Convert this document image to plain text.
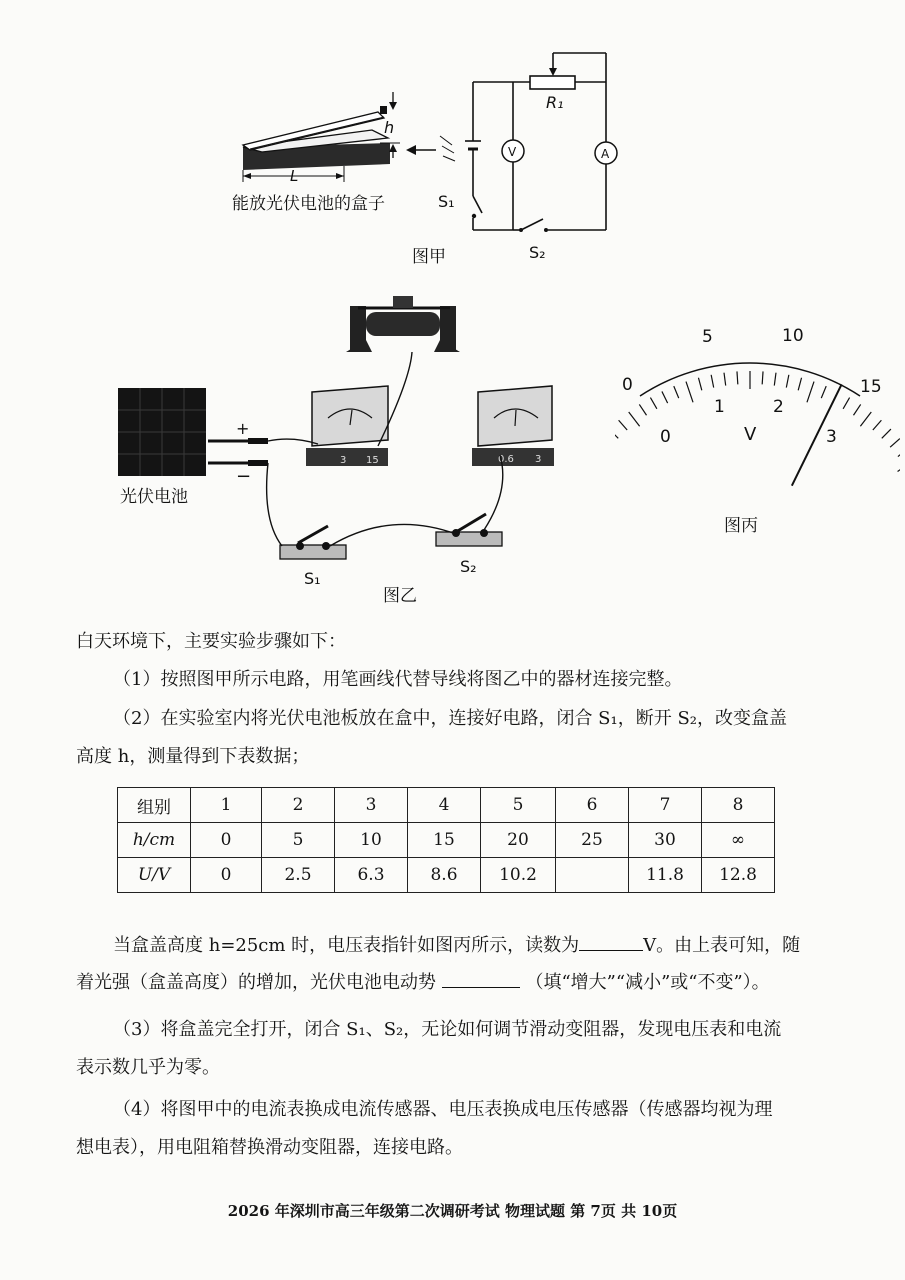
h
L
能放光伏电池的盒子
V	A
R₁
S₁
S₂
图甲
+
−
光伏电池
3 15	0.6 3
S₁
S₂
图乙
0
5	10
15
0
1	2
3
V
图丙
白天环境下，主要实验步骤如下：
（1）按照图甲所示电路，用笔画线代替导线将图乙中的器材连接完整。
（2）在实验室内将光伏电池板放在盒中，连接好电路，闭合 S₁，断开 S₂，改变盒盖
高度 h，测量得到下表数据；
组别	1	2	3	4	5	6	7	8
h/cm	0	5	10	15	20	25	30	∞
U/V	0	2.5	6.3	8.6	10.2		11.8	12.8
当盒盖高度 h=25cm 时，电压表指针如图丙所示，读数为	V。由上表可知，随
着光强（盒盖高度）的增加，光伏电池电动势	（填“增大”“减小”或“不变”）。
（3）将盒盖完全打开，闭合 S₁、S₂，无论如何调节滑动变阻器，发现电压表和电流
表示数几乎为零。
（4）将图甲中的电流表换成电流传感器、电压表换成电压传感器（传感器均视为理
想电表），用电阻箱替换滑动变阻器，连接电路。
2026 年深圳市高三年级第二次调研考试 物理试题 第 7页 共 10页
